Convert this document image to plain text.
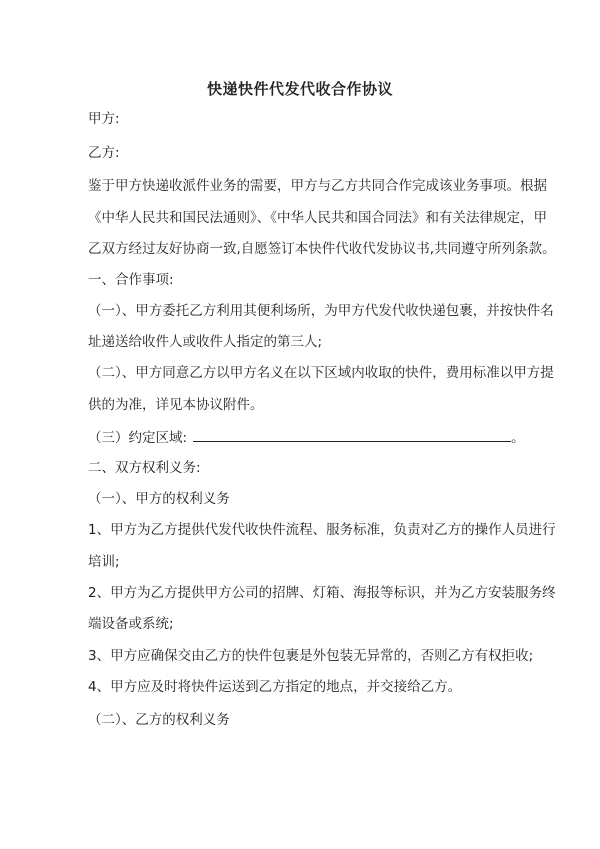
快递快件代发代收合作协议
甲方:
乙方:
鉴于甲方快递收派件业务的需要，甲方与乙方共同合作完成该业务事项。根据
《中华人民共和国民法通则》、《中华人民共和国合同法》和有关法律规定，甲
乙双方经过友好协商一致,自愿签订本快件代收代发协议书,共同遵守所列条款。
一、合作事项:
（一）、甲方委托乙方利用其便利场所，为甲方代发代收快递包裹，并按快件名
址递送给收件人或收件人指定的第三人;
（二）、甲方同意乙方以甲方名义在以下区域内收取的快件，费用标准以甲方提
供的为准，详见本协议附件。
（三）约定区域:	。
二、双方权利义务:
（一）、甲方的权利义务
1、甲方为乙方提供代发代收快件流程、服务标准，负责对乙方的操作人员进行
培训;
2、甲方为乙方提供甲方公司的招牌、灯箱、海报等标识，并为乙方安装服务终
端设备或系统;
3、甲方应确保交由乙方的快件包裹是外包装无异常的，否则乙方有权拒收;
4、甲方应及时将快件运送到乙方指定的地点，并交接给乙方。
（二）、乙方的权利义务
